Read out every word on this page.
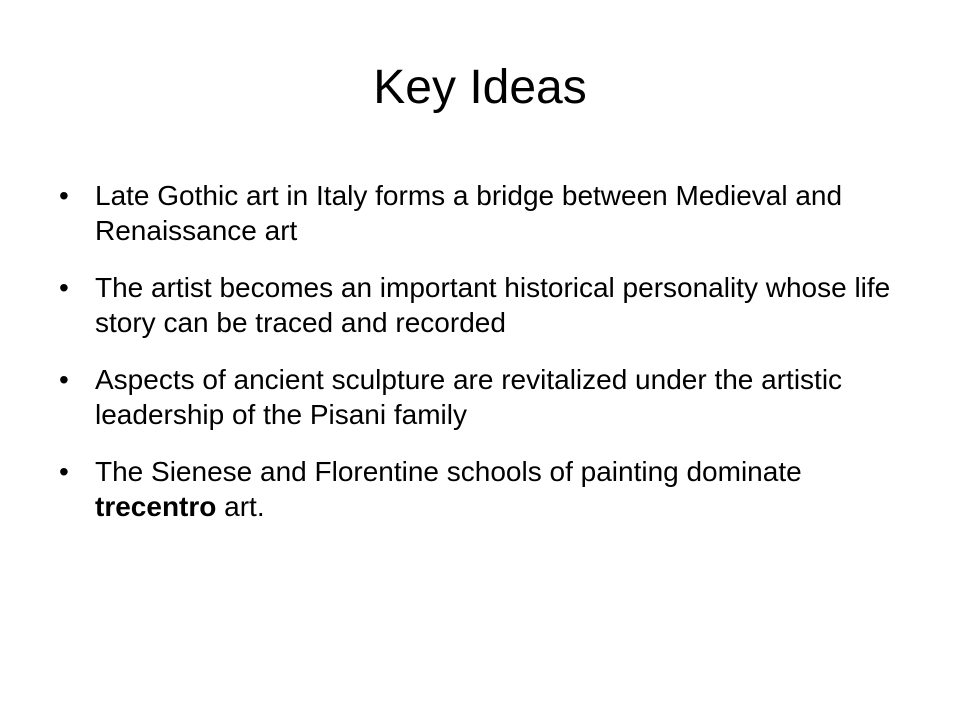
Key Ideas
• Late Gothic art in Italy forms a bridge between Medieval and Renaissance art
• The artist becomes an important historical personality whose life story can be traced and recorded
• Aspects of ancient sculpture are revitalized under the artistic leadership of the Pisani family
• The Sienese and Florentine schools of painting dominate trecentro art.
